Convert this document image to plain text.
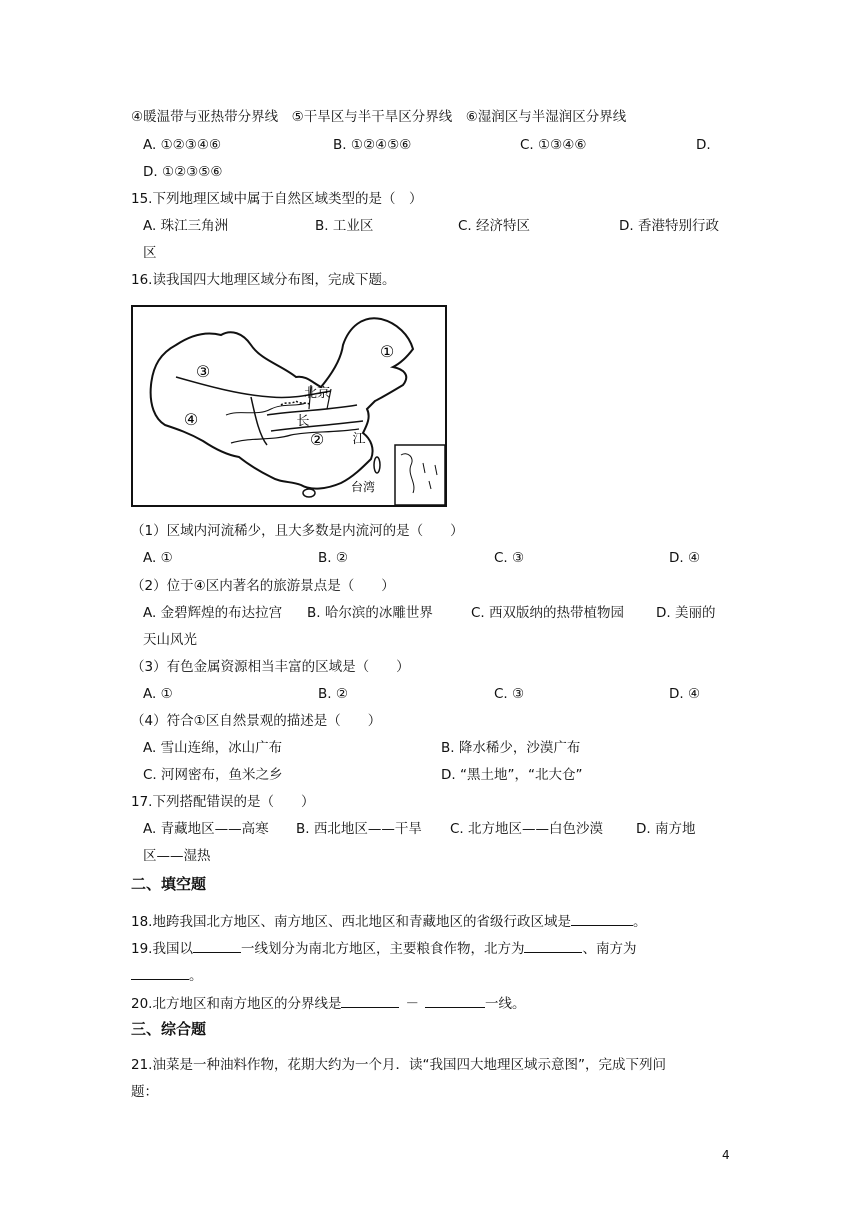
④暖温带与亚热带分界线　⑤干旱区与半干旱区分界线　⑥湿润区与半湿润区分界线
A. ①②③④⑥	B. ①②④⑤⑥	C. ①③④⑥	D.
D. ①②③⑤⑥
15.下列地理区域中属于自然区域类型的是（　）
A. 珠江三角洲	B. 工业区	C. 经济特区	D. 香港特别行政
区
16.读我国四大地理区域分布图，完成下题。
③
④
①
②
北京
长
江
台湾
（1）区域内河流稀少，且大多数是内流河的是（　　）
A. ①	B. ②	C. ③	D. ④
（2）位于④区内著名的旅游景点是（　　）
A. 金碧辉煌的布达拉宫 B. 哈尔滨的冰雕世界	C. 西双版纳的热带植物园 D. 美丽的
天山风光
（3）有色金属资源相当丰富的区域是（　　）
A. ①	B. ②	C. ③	D. ④
（4）符合①区自然景观的描述是（　　）
A. 雪山连绵，冰山广布	B. 降水稀少，沙漠广布
C. 河网密布，鱼米之乡	D. “黑土地”，“北大仓”
17.下列搭配错误的是（　　）
A. 青藏地区——高寒 B. 西北地区——干旱 C. 北方地区——白色沙漠 D. 南方地
区——湿热
二、填空题
18.地跨我国北方地区、南方地区、西北地区和青藏地区的省级行政区域是	。
19.我国以	一线划分为南北方地区，主要粮食作物，北方为	、南方为
。
20.北方地区和南方地区的分界线是	－	一线。
三、综合题
21.油菜是一种油料作物，花期大约为一个月．读“我国四大地理区域示意图”，完成下列问
题：
4
